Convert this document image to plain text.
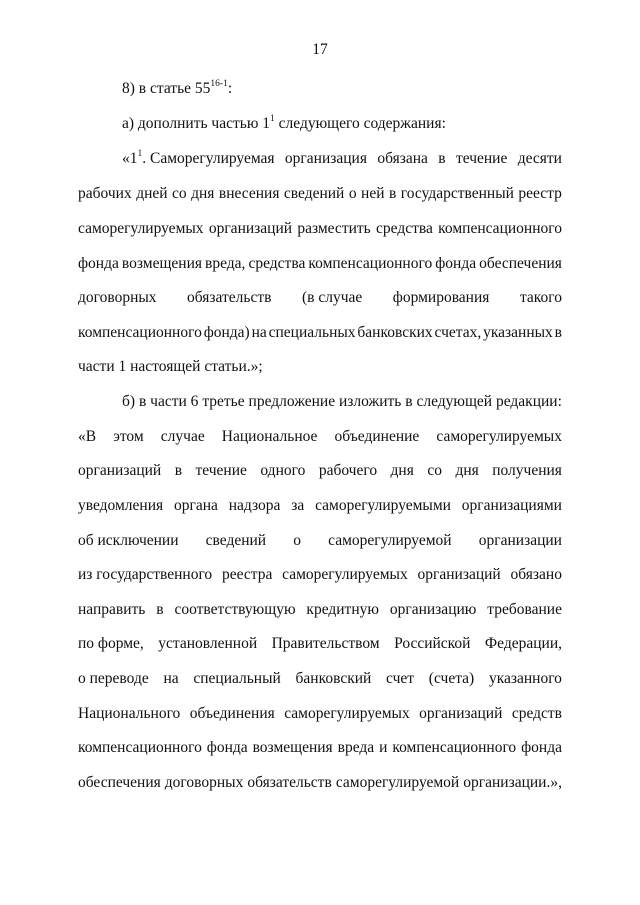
17
8) в статье 55$^{16-1}$:
а) дополнить частью $1^1$ следующего содержания:
«$1^1$. Саморегулируемая организация обязана в течение десяти
рабочих дней со дня внесения сведений о ней в государственный реестр
саморегулируемых организаций разместить средства компенсационного
фонда возмещения вреда, средства компенсационного фонда обеспечения
договорных обязательств (в случае формирования такого
компенсационного фонда) на специальных банковских счетах, указанных в
части 1 настоящей статьи.»;
б) в части 6 третье предложение изложить в следующей редакции:
«В этом случае Национальное объединение саморегулируемых
организаций в течение одного рабочего дня со дня получения
уведомления органа надзора за саморегулируемыми организациями
об исключении сведений о саморегулируемой организации
из государственного реестра саморегулируемых организаций обязано
направить в соответствующую кредитную организацию требование
по форме, установленной Правительством Российской Федерации,
о переводе на специальный банковский счет (счета) указанного
Национального объединения саморегулируемых организаций средств
компенсационного фонда возмещения вреда и компенсационного фонда
обеспечения договорных обязательств саморегулируемой организации.»,
